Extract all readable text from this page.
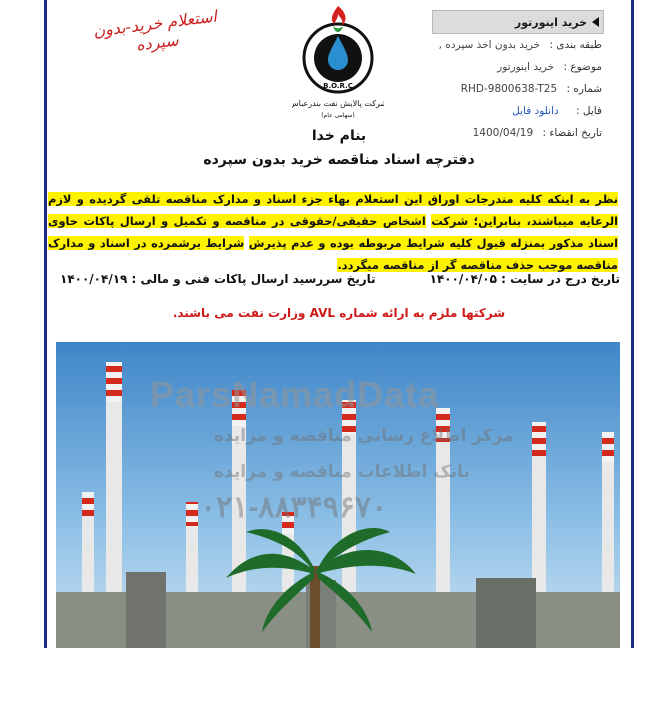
خرید اینورتور
طبقه بندی : خرید بدون اخذ سپرده ,
موضوع : خرید اینورتور
شماره : RHD-9800638-T25
فایل : دانلود فایل
تاریخ انقضاء : 1400/04/19
استعلام خرید-بدون سپرده
B.O.R.C
شرکت پالایش نفت بندرعباس
(سهامی عام)
بنام خدا
دفترچه اسناد مناقصه خرید بدون سپرده
نظر به اینکه کلیه مندرجات اوراق این استعلام بهاء جزء اسناد و مدارک مناقصه تلقی گردیده و لازم الرعایه میباشند، بنابراین؛ شرکت اشخاص حقیقی/حقوقی در مناقصه و تکمیل و ارسال پاکات حاوی اسناد مذکور بمنزله قبول کلیه شرایط مربوطه بوده و عدم پذیرش شرایط برشمرده در اسناد و مدارک مناقصه موجب حذف مناقصه گر از مناقصه میگردد.
تاریخ درج در سایت : ۱۴۰۰/۰۴/۰۵
تاریخ سررسید ارسال پاکات فنی و مالی : ۱۴۰۰/۰۴/۱۹
شرکتها ملزم به ارائه شماره AVL وزارت نفت می باشند.
ParsNamadData
مرکز اطلاع رسانی مناقصه و مزایده
بانک اطلاعات مناقصه و مزایده
۰۲۱-۸۸۳۴۹۶۷۰
